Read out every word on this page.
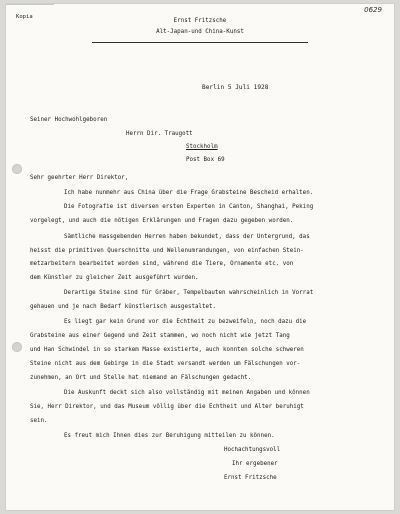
0629
Kopia
Ernst Fritzsche
Alt-Japan-und China-Kunst
Berlin 5 Juli 1928
Seiner Hochwohlgeboren
Herrn Dir. Traugott
Stockholm
Post Box 69
Sehr geehrter Herr Direktor,
Ich habe nunmehr aus China über die Frage Grabsteine Bescheid erhalten.
Die Fotografie ist diversen ersten Experten in Canton, Shanghai, Peking
vorgelegt, und auch die nötigen Erklärungen und Fragen dazu gegeben worden.
Sämtliche massgebenden Herren haben bekundet, dass der Untergrund, das
heisst die primitiven Querschnitte und Wellenumrandungen, von einfachen Stein-
metzarbeitern bearbeitet worden sind, während die Tiere, Ornamente etc. von
dem Künstler zu gleicher Zeit ausgeführt wurden.
Derartige Steine sind für Gräber, Tempelbauten wahrscheinlich in Vorrat
gehauen und je nach Bedarf künstlerisch ausgestaltet.
Es liegt gar kein Grund vor die Echtheit zu bezweifeln, noch dazu die
Grabsteine aus einer Gegend und Zeit stammen, wo noch nicht wie jetzt Tang
und Han Schwindel in so starkem Masse existierte, auch konnten solche schweren
Steine nicht aus dem Gebirge in die Stadt versandt werden um Fälschungen vor-
zunehmen, an Ort und Stelle hat niemand an Fälschungen gedacht.
Die Auskunft deckt sich also vollständig mit meinen Angaben und können
Sie, Herr Direktor, und das Museum völlig über die Echtheit und Alter beruhigt
sein.
Es freut mich Ihnen dies zur Beruhigung mitteilen zu können.
Hochachtungsvoll
Ihr ergebener
Ernst Fritzsche
